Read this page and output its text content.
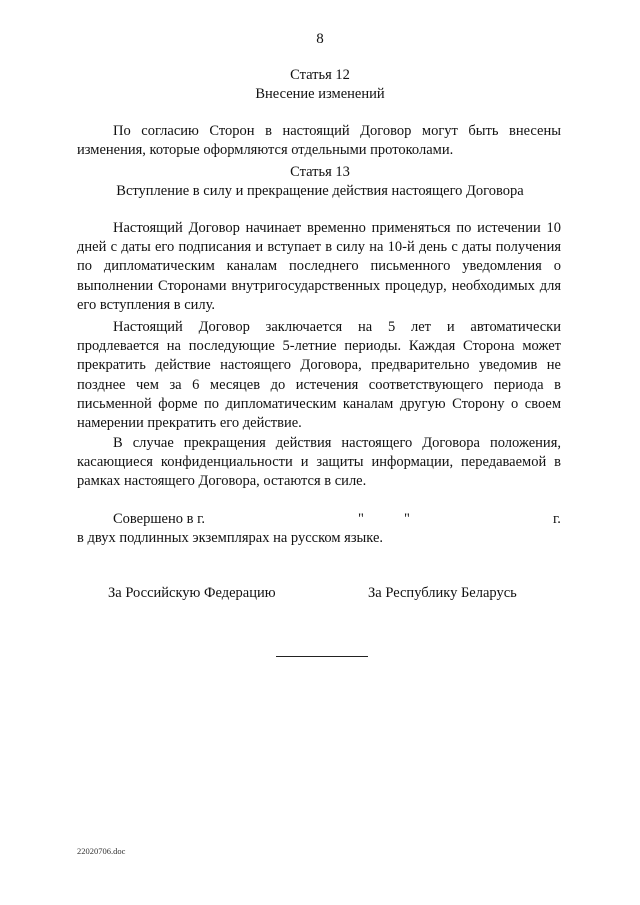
8
Статья 12
Внесение изменений

По согласию Сторон в настоящий Договор могут быть внесены изменения, которые оформляются отдельными протоколами.

Статья 13
Вступление в силу и прекращение действия настоящего Договора

Настоящий Договор начинает временно применяться по истечении 10 дней с даты его подписания и вступает в силу на 10-й день с даты получения по дипломатическим каналам последнего письменного уведомления о выполнении Сторонами внутригосударственных процедур, необходимых для его вступления в силу.

Настоящий Договор заключается на 5 лет и автоматически продлевается на последующие 5-летние периоды. Каждая Сторона может прекратить действие настоящего Договора, предварительно уведомив не позднее чем за 6 месяцев до истечения соответствующего периода в письменной форме по дипломатическим каналам другую Сторону о своем намерении прекратить его действие.

В случае прекращения действия настоящего Договора положения, касающиеся конфиденциальности и защиты информации, передаваемой в рамках настоящего Договора, остаются в силе.

Совершено в г.	"	"	г.
в двух подлинных экземплярах на русском языке.
За Российскую Федерацию	За Республику Беларусь
22020706.doc
